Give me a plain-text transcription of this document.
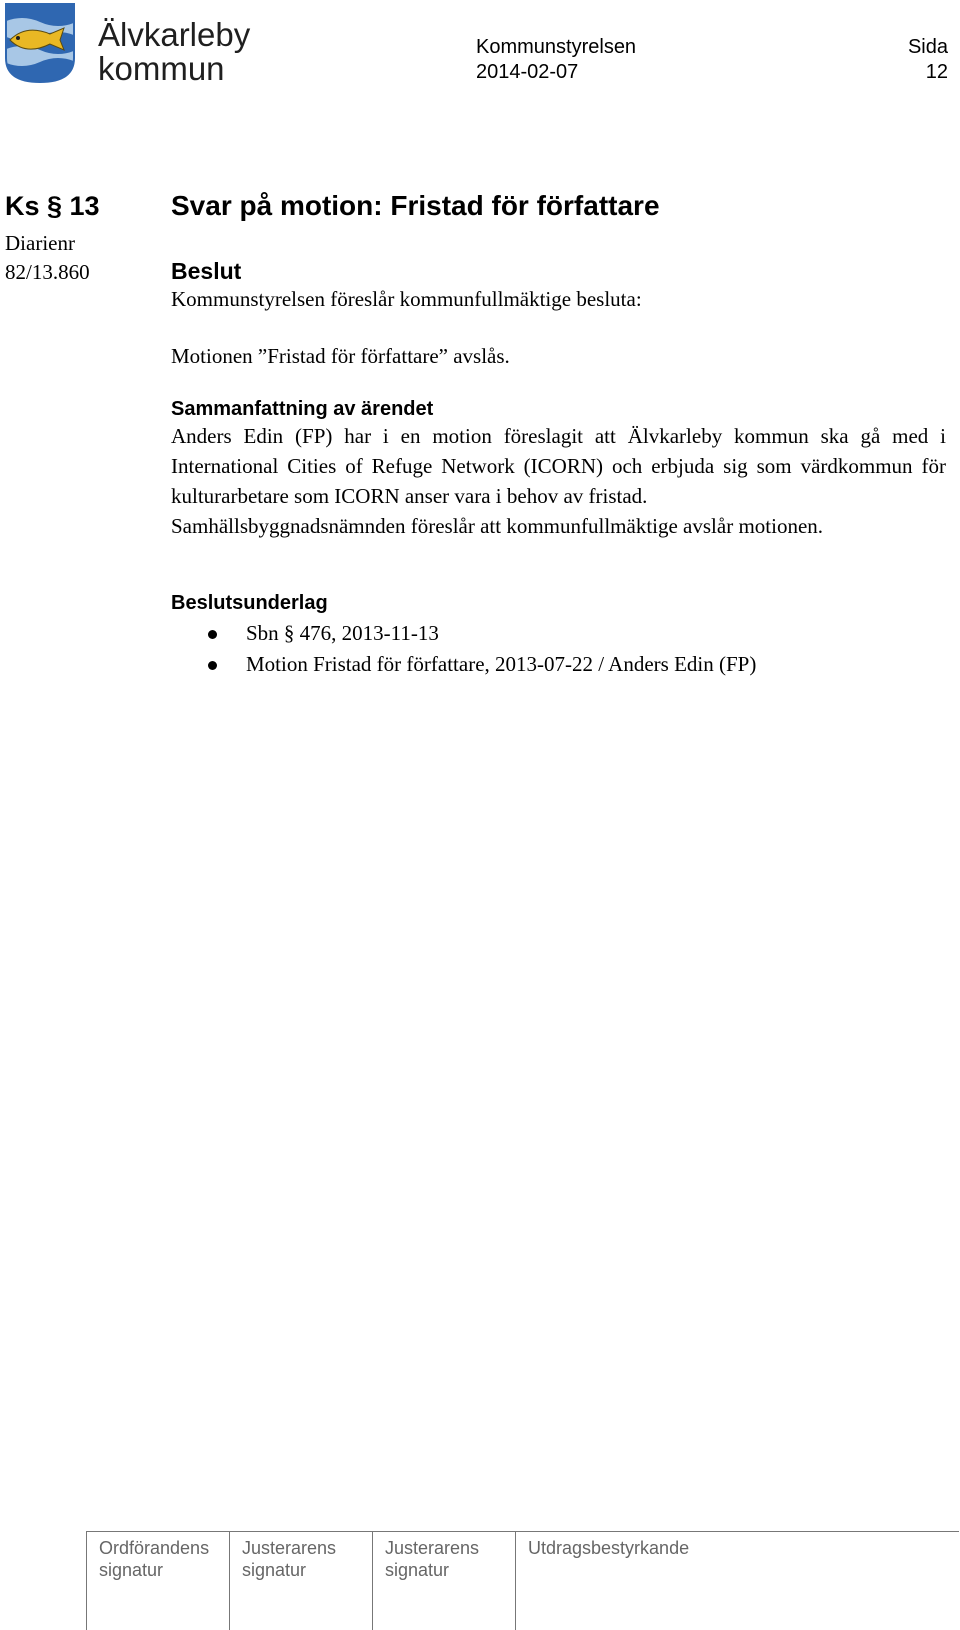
Älvkarleby
kommun
Kommunstyrelsen
2014-02-07
Sida
12
Ks § 13
Diarienr
82/13.860
Svar på motion: Fristad för författare
Beslut
Kommunstyrelsen föreslår kommunfullmäktige besluta:
Motionen ”Fristad för författare” avslås.
Sammanfattning av ärendet
Anders Edin (FP) har i en motion föreslagit att Älvkarleby kommun ska gå med i International Cities of Refuge Network (ICORN) och erbjuda sig som värdkommun för kulturarbetare som ICORN anser vara i behov av fristad.
Samhällsbyggnadsnämnden föreslår att kommunfullmäktige avslår motionen.
Beslutsunderlag
Sbn § 476, 2013-11-13
Motion Fristad för författare, 2013-07-22 / Anders Edin (FP)
Ordförandens
signatur
Justerarens
signatur
Justerarens
signatur
Utdragsbestyrkande
